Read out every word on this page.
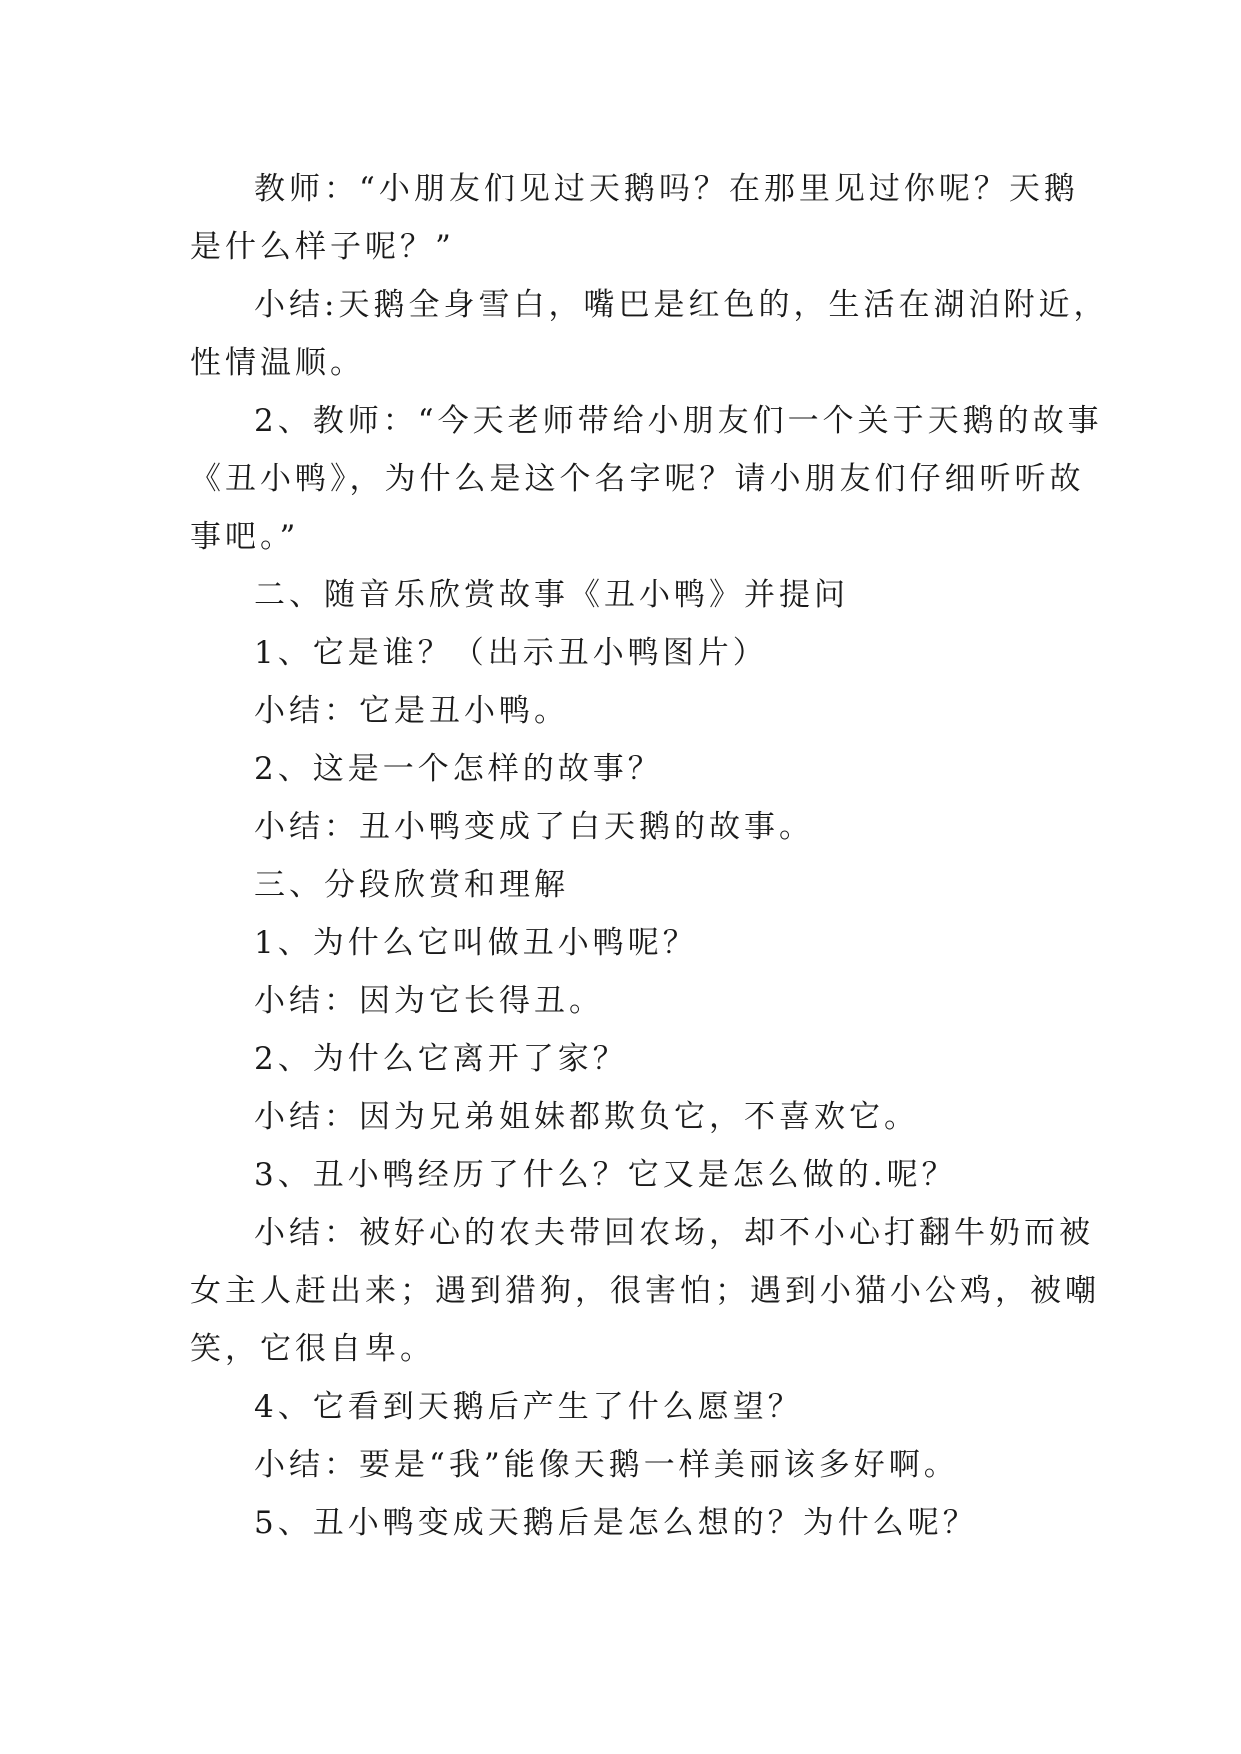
教师：“小朋友们见过天鹅吗？在那里见过你呢？天鹅
是什么样子呢？”
小结:天鹅全身雪白，嘴巴是红色的，生活在湖泊附近，
性情温顺。
2、教师：“今天老师带给小朋友们一个关于天鹅的故事
《丑小鸭》，为什么是这个名字呢？请小朋友们仔细听听故
事吧。”
二、随音乐欣赏故事《丑小鸭》并提问
1、它是谁？（出示丑小鸭图片）
小结：它是丑小鸭。
2、这是一个怎样的故事？
小结：丑小鸭变成了白天鹅的故事。
三、分段欣赏和理解
1、为什么它叫做丑小鸭呢？
小结：因为它长得丑。
2、为什么它离开了家？
小结：因为兄弟姐妹都欺负它，不喜欢它。
3、丑小鸭经历了什么？它又是怎么做的.呢？
小结：被好心的农夫带回农场，却不小心打翻牛奶而被
女主人赶出来；遇到猎狗，很害怕；遇到小猫小公鸡，被嘲
笑，它很自卑。
4、它看到天鹅后产生了什么愿望？
小结：要是“我”能像天鹅一样美丽该多好啊。
5、丑小鸭变成天鹅后是怎么想的？为什么呢？
